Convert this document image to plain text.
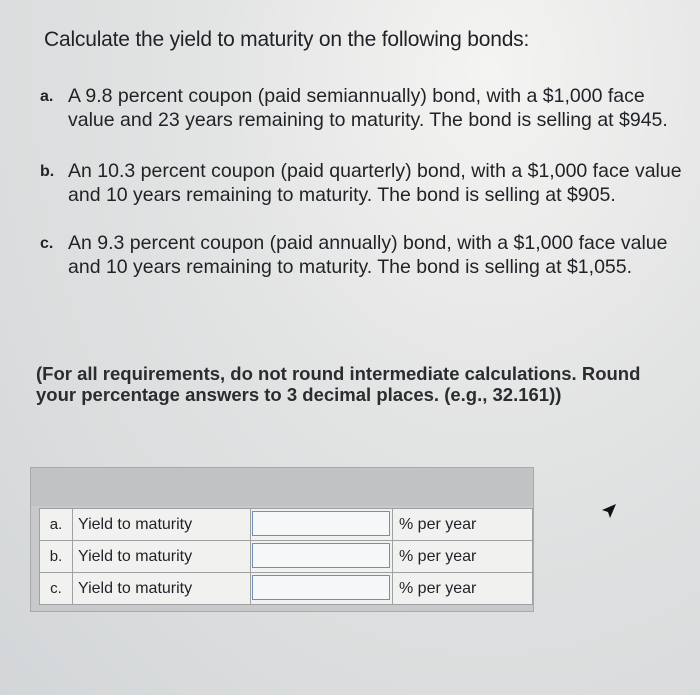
Calculate the yield to maturity on the following bonds:
a. A 9.8 percent coupon (paid semiannually) bond, with a $1,000 face value and 23 years remaining to maturity. The bond is selling at $945.
b. An 10.3 percent coupon (paid quarterly) bond, with a $1,000 face value and 10 years remaining to maturity. The bond is selling at $905.
c. An 9.3 percent coupon (paid annually) bond, with a $1,000 face value and 10 years remaining to maturity. The bond is selling at $1,055.
(For all requirements, do not round intermediate calculations. Round your percentage answers to 3 decimal places. (e.g., 32.161))
a. Yield to maturity	% per year
b. Yield to maturity	% per year
c.	Yield to maturity	% per year
